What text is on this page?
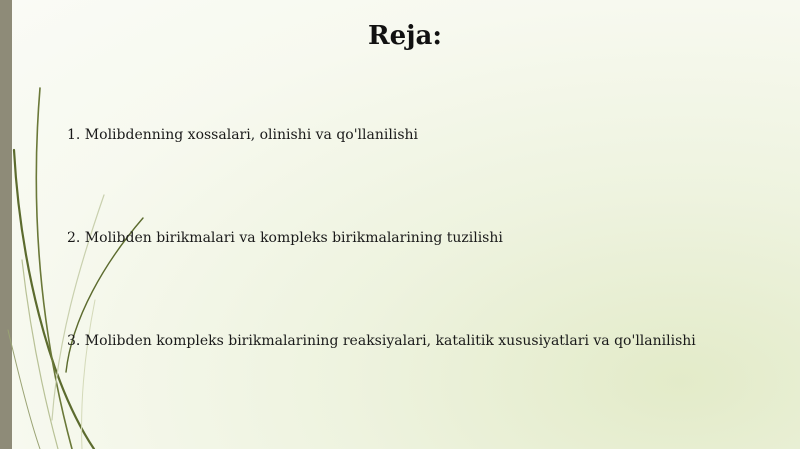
Reja:
1. Molibdenning xossalari, olinishi va qo'llanilishi
2. Molibden birikmalari va kompleks birikmalarining tuzilishi
3. Molibden kompleks birikmalarining reaksiyalari, katalitik xususiyatlari va qo'llanilishi
